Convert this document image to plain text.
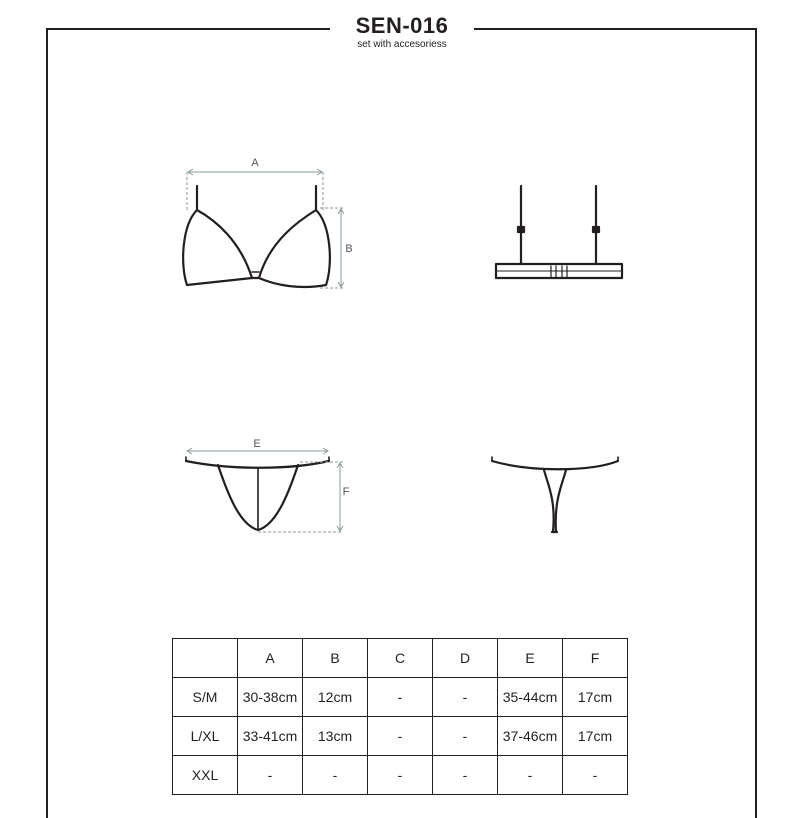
SEN-016
set with accesoriess
A
B
E
F
	A	B	C	D	E	F
S/M	30-38cm	12cm	-	-	35-44cm	17cm
L/XL	33-41cm	13cm	-	-	37-46cm	17cm
XXL	-	-	-	-	-	-
